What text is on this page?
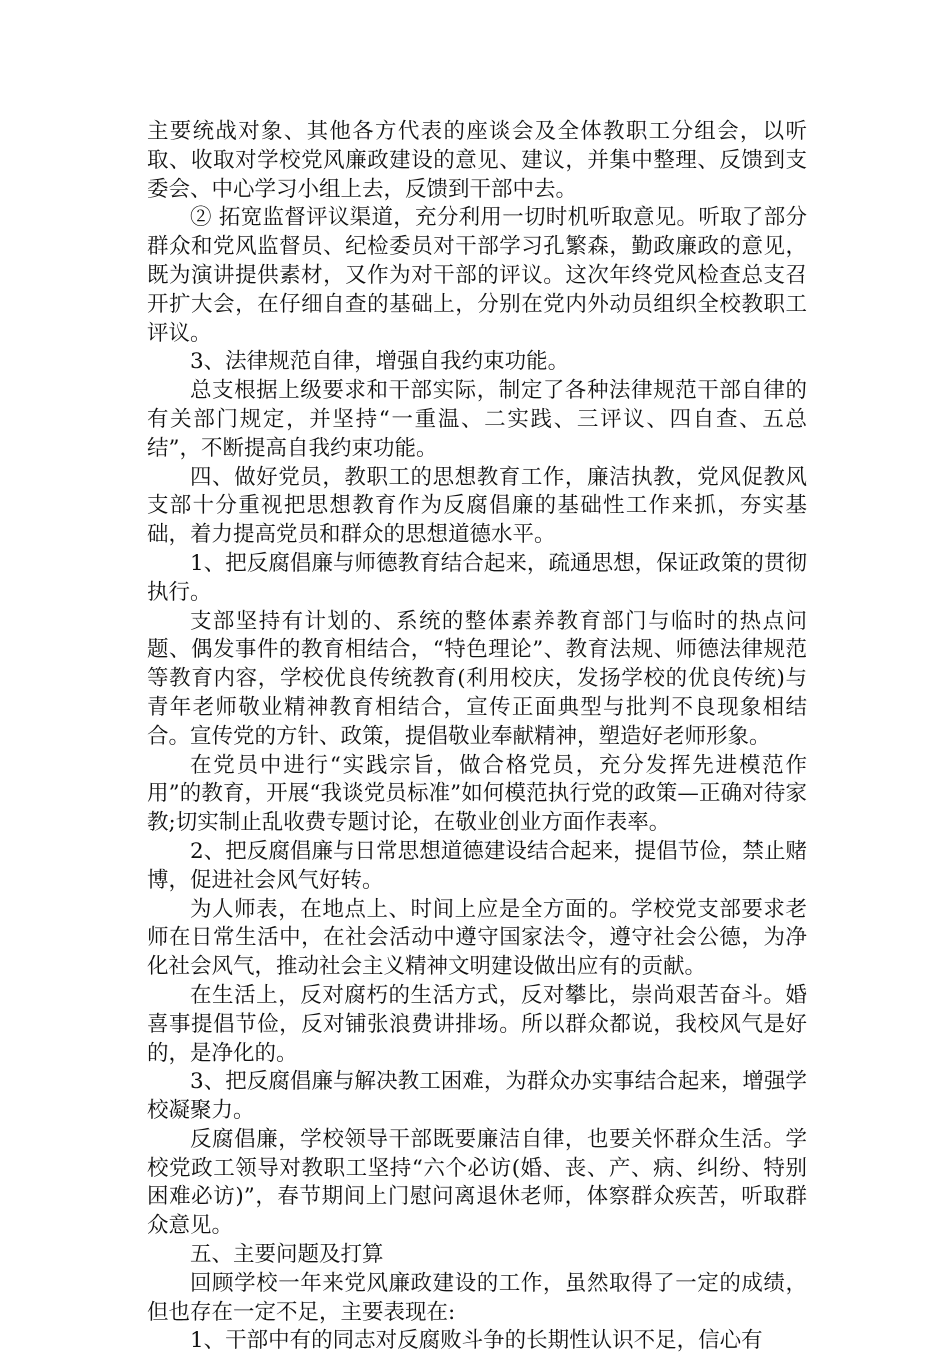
主要统战对象、其他各方代表的座谈会及全体教职工分组会，以听取、收取对学校党风廉政建设的意见、建议，并集中整理、反馈到支委会、中心学习小组上去，反馈到干部中去。

② 拓宽监督评议渠道，充分利用一切时机听取意见。听取了部分群众和党风监督员、纪检委员对干部学习孔繁森，勤政廉政的意见，既为演讲提供素材，又作为对干部的评议。这次年终党风检查总支召开扩大会，在仔细自查的基础上，分别在党内外动员组织全校教职工评议。

3、法律规范自律，增强自我约束功能。

总支根据上级要求和干部实际，制定了各种法律规范干部自律的有关部门规定，并坚持“一重温、二实践、三评议、四自查、五总结”，不断提高自我约束功能。

四、做好党员，教职工的思想教育工作，廉洁执教，党风促教风支部十分重视把思想教育作为反腐倡廉的基础性工作来抓，夯实基础，着力提高党员和群众的思想道德水平。

1、把反腐倡廉与师德教育结合起来，疏通思想，保证政策的贯彻执行。

支部坚持有计划的、系统的整体素养教育部门与临时的热点问题、偶发事件的教育相结合，“特色理论”、教育法规、师德法律规范等教育内容，学校优良传统教育(利用校庆，发扬学校的优良传统)与青年老师敬业精神教育相结合，宣传正面典型与批判不良现象相结合。宣传党的方针、政策，提倡敬业奉献精神，塑造好老师形象。

在党员中进行“实践宗旨，做合格党员，充分发挥先进模范作用”的教育，开展“我谈党员标准”如何模范执行党的政策—正确对待家教;切实制止乱收费专题讨论，在敬业创业方面作表率。

2、把反腐倡廉与日常思想道德建设结合起来，提倡节俭，禁止赌博，促进社会风气好转。

为人师表，在地点上、时间上应是全方面的。学校党支部要求老师在日常生活中，在社会活动中遵守国家法令，遵守社会公德，为净化社会风气，推动社会主义精神文明建设做出应有的贡献。

在生活上，反对腐朽的生活方式，反对攀比，崇尚艰苦奋斗。婚喜事提倡节俭，反对铺张浪费讲排场。所以群众都说，我校风气是好的，是净化的。

3、把反腐倡廉与解决教工困难，为群众办实事结合起来，增强学校凝聚力。

反腐倡廉，学校领导干部既要廉洁自律，也要关怀群众生活。学校党政工领导对教职工坚持“六个必访(婚、丧、产、病、纠纷、特别困难必访)”，春节期间上门慰问离退休老师，体察群众疾苦，听取群众意见。

五、主要问题及打算

回顾学校一年来党风廉政建设的工作，虽然取得了一定的成绩，但也存在一定不足，主要表现在:

1、干部中有的同志对反腐败斗争的长期性认识不足，信心有
